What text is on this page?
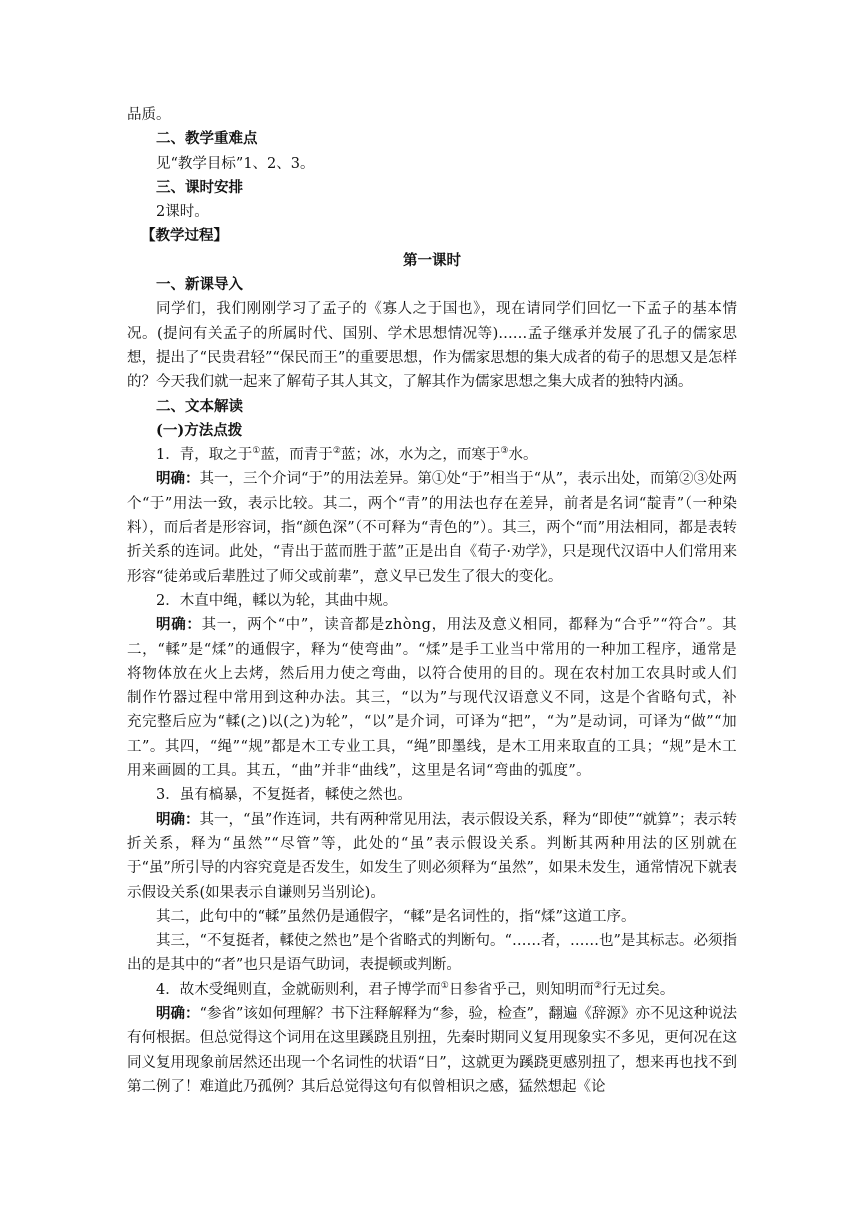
品质。

二、教学重难点

见“教学目标”1、2、3。

三、课时安排

2课时。

【教学过程】

第一课时

一、新课导入

同学们，我们刚刚学习了孟子的《寡人之于国也》，现在请同学们回忆一下孟子的基本情况。(提问有关孟子的所属时代、国别、学术思想情况等)……孟子继承并发展了孔子的儒家思想，提出了“民贵君轻”“保民而王”的重要思想，作为儒家思想的集大成者的荀子的思想又是怎样的？今天我们就一起来了解荀子其人其文，了解其作为儒家思想之集大成者的独特内涵。

二、文本解读

(一)方法点拨

1．青，取之于①蓝，而青于②蓝；冰，水为之，而寒于③水。

明确：其一，三个介词“于”的用法差异。第①处“于”相当于“从”，表示出处，而第②③处两个“于”用法一致，表示比较。其二，两个“青”的用法也存在差异，前者是名词“靛青”（一种染料），而后者是形容词，指“颜色深”（不可释为“青色的”）。其三，两个“而”用法相同，都是表转折关系的连词。此处，“青出于蓝而胜于蓝”正是出自《荀子·劝学》，只是现代汉语中人们常用来形容“徒弟或后辈胜过了师父或前辈”，意义早已发生了很大的变化。

2．木直中绳，輮以为轮，其曲中规。

明确：其一，两个“中”，读音都是zhòng，用法及意义相同，都释为“合乎”“符合”。其二，“輮”是“煣”的通假字，释为“使弯曲”。“煣”是手工业当中常用的一种加工程序，通常是将物体放在火上去烤，然后用力使之弯曲，以符合使用的目的。现在农村加工农具时或人们制作竹器过程中常用到这种办法。其三，“以为”与现代汉语意义不同，这是个省略句式，补充完整后应为“輮(之)以(之)为轮”，“以”是介词，可译为“把”，“为”是动词，可译为“做”“加工”。其四，“绳”“规”都是木工专业工具，“绳”即墨线，是木工用来取直的工具；“规”是木工用来画圆的工具。其五，“曲”并非“曲线”，这里是名词“弯曲的弧度”。

3．虽有槁暴，不复挺者，輮使之然也。

明确：其一，“虽”作连词，共有两种常见用法，表示假设关系，释为“即使”“就算”；表示转折关系，释为“虽然”“尽管”等，此处的“虽”表示假设关系。判断其两种用法的区别就在于“虽”所引导的内容究竟是否发生，如发生了则必须释为“虽然”，如果未发生，通常情况下就表示假设关系(如果表示自谦则另当别论)。

其二，此句中的“輮”虽然仍是通假字，“輮”是名词性的，指“煣”这道工序。

其三，“不复挺者，輮使之然也”是个省略式的判断句。“……者，……也”是其标志。必须指出的是其中的“者”也只是语气助词，表提顿或判断。

4．故木受绳则直，金就砺则利，君子博学而①日参省乎己，则知明而②行无过矣。

明确：“参省”该如何理解？书下注释解释为“参，验，检查”，翻遍《辞源》亦不见这种说法有何根据。但总觉得这个词用在这里蹊跷且别扭，先秦时期同义复用现象实不多见，更何况在这同义复用现象前居然还出现一个名词性的状语“日”，这就更为蹊跷更感别扭了，想来再也找不到第二例了！难道此乃孤例？其后总觉得这句有似曾相识之感，猛然想起《论
